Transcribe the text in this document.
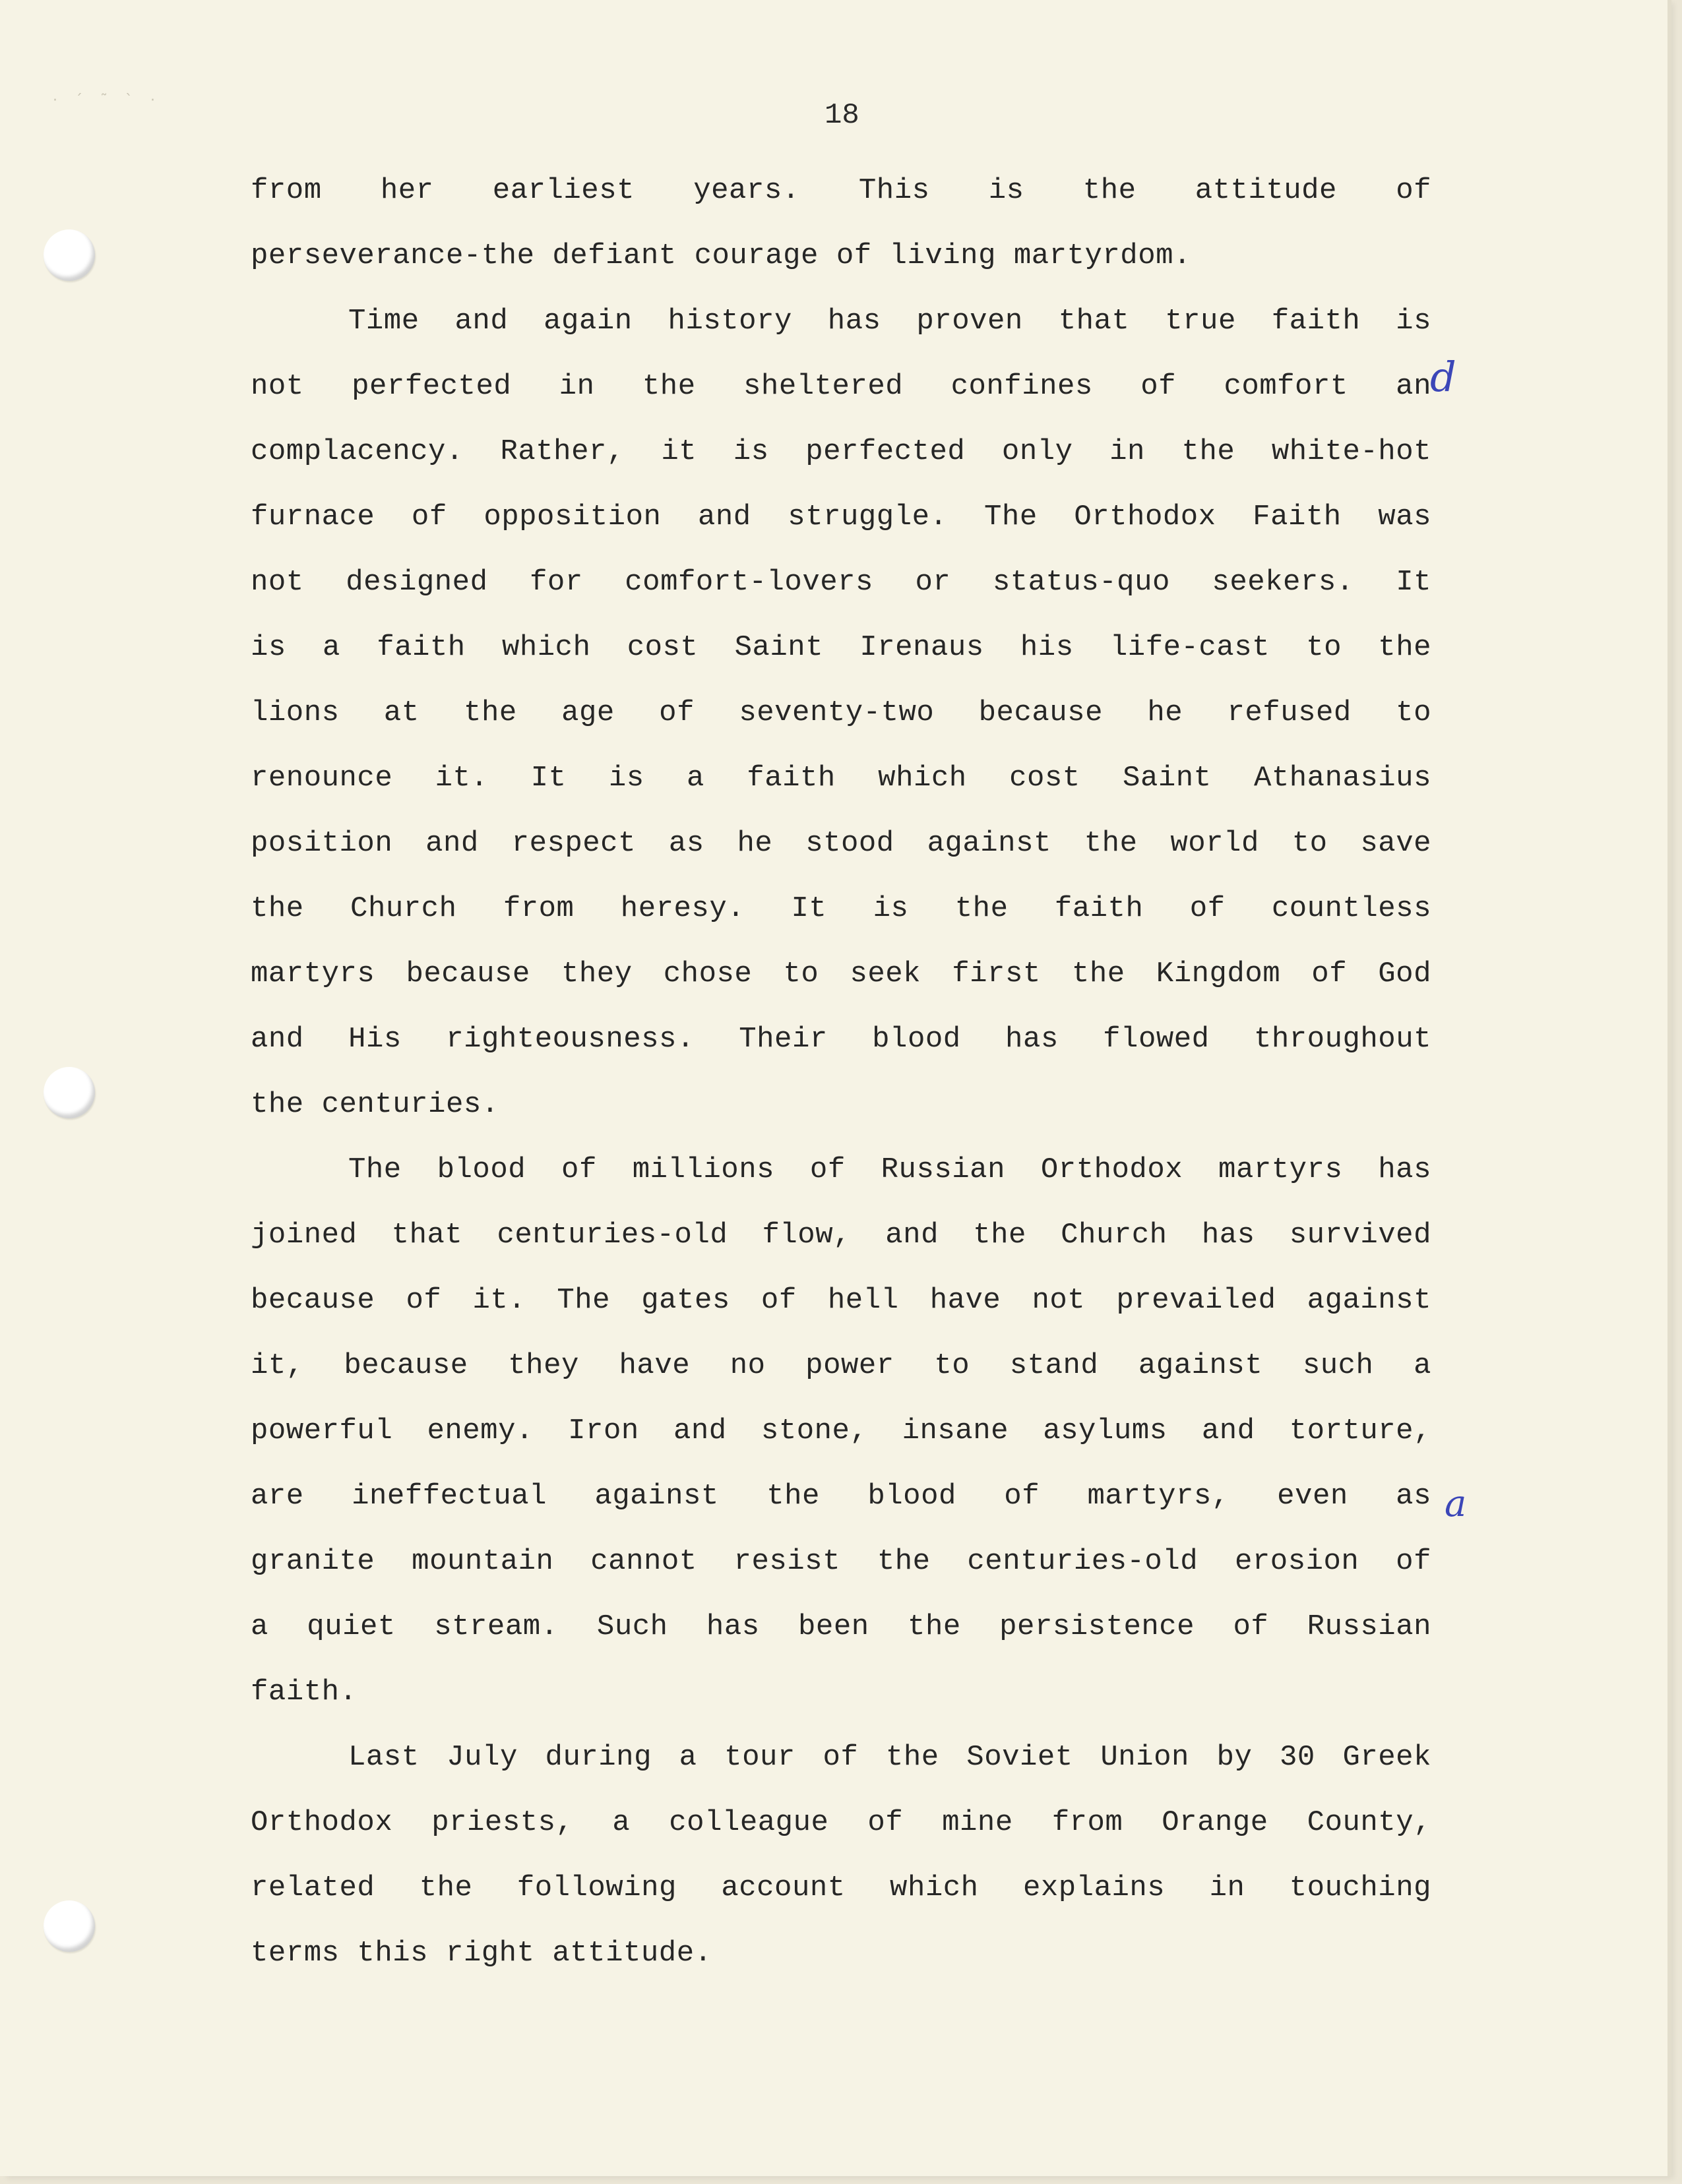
· ´ ˜ ` ·	18

from her earliest years. This is the attitude of

perseverance-the defiant courage of living martyrdom.

Time and again history has proven that true faith is

not perfected in the sheltered confines of comfort an

complacency. Rather, it is perfected only in the white-hot

furnace of opposition and struggle. The Orthodox Faith was

not designed for comfort-lovers or status-quo seekers. It

is a faith which cost Saint Irenaus his life-cast to the

lions at the age of seventy-two because he refused to

renounce it. It is a faith which cost Saint Athanasius

position and respect as he stood against the world to save

the Church from heresy. It is the faith of countless

martyrs because they chose to seek first the Kingdom of God

and His righteousness. Their blood has flowed throughout

the centuries.

The blood of millions of Russian Orthodox martyrs has

joined that centuries-old flow, and the Church has survived

because of it. The gates of hell have not prevailed against

it, because they have no power to stand against such a

powerful enemy. Iron and stone, insane asylums and torture,

are ineffectual against the blood of martyrs, even as

granite mountain cannot resist the centuries-old erosion of

a quiet stream. Such has been the persistence of Russian

faith.

Last July during a tour of the Soviet Union by 30 Greek

Orthodox priests, a colleague of mine from Orange County,

related the following account which explains in touching

terms this right attitude.

d
a
